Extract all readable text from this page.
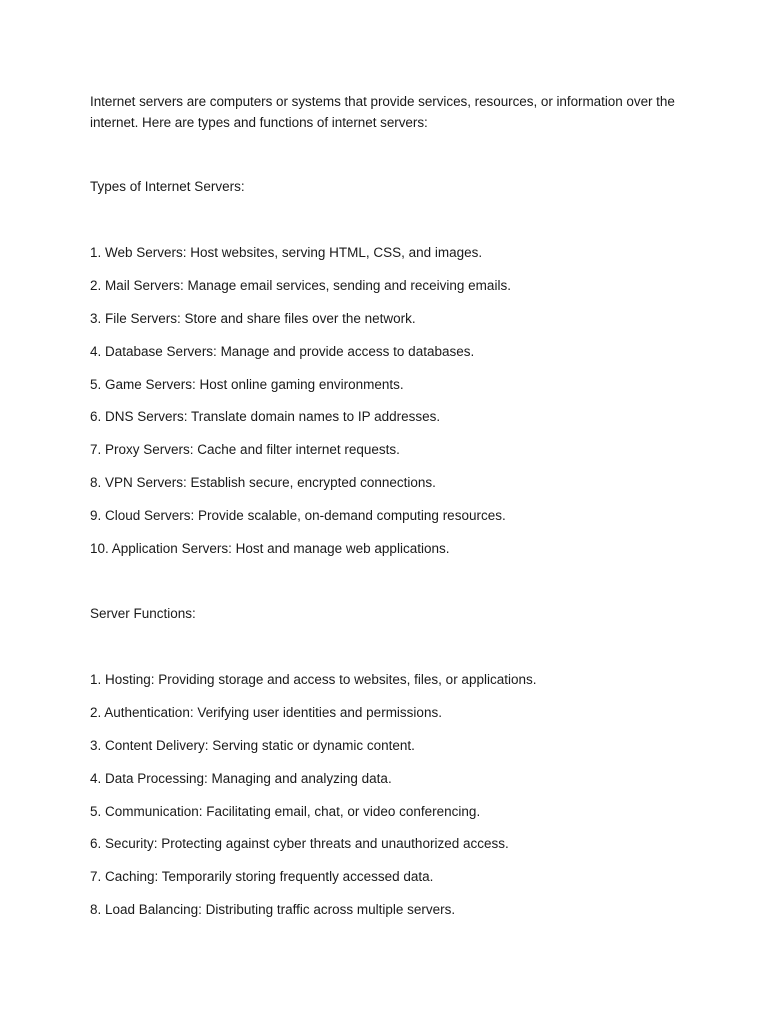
Internet servers are computers or systems that provide services, resources, or information over the internet. Here are types and functions of internet servers:

Types of Internet Servers:

1. Web Servers: Host websites, serving HTML, CSS, and images.
2. Mail Servers: Manage email services, sending and receiving emails.
3. File Servers: Store and share files over the network.
4. Database Servers: Manage and provide access to databases.
5. Game Servers: Host online gaming environments.
6. DNS Servers: Translate domain names to IP addresses.
7. Proxy Servers: Cache and filter internet requests.
8. VPN Servers: Establish secure, encrypted connections.
9. Cloud Servers: Provide scalable, on-demand computing resources.
10. Application Servers: Host and manage web applications.

Server Functions:

1. Hosting: Providing storage and access to websites, files, or applications.
2. Authentication: Verifying user identities and permissions.
3. Content Delivery: Serving static or dynamic content.
4. Data Processing: Managing and analyzing data.
5. Communication: Facilitating email, chat, or video conferencing.
6. Security: Protecting against cyber threats and unauthorized access.
7. Caching: Temporarily storing frequently accessed data.
8. Load Balancing: Distributing traffic across multiple servers.
